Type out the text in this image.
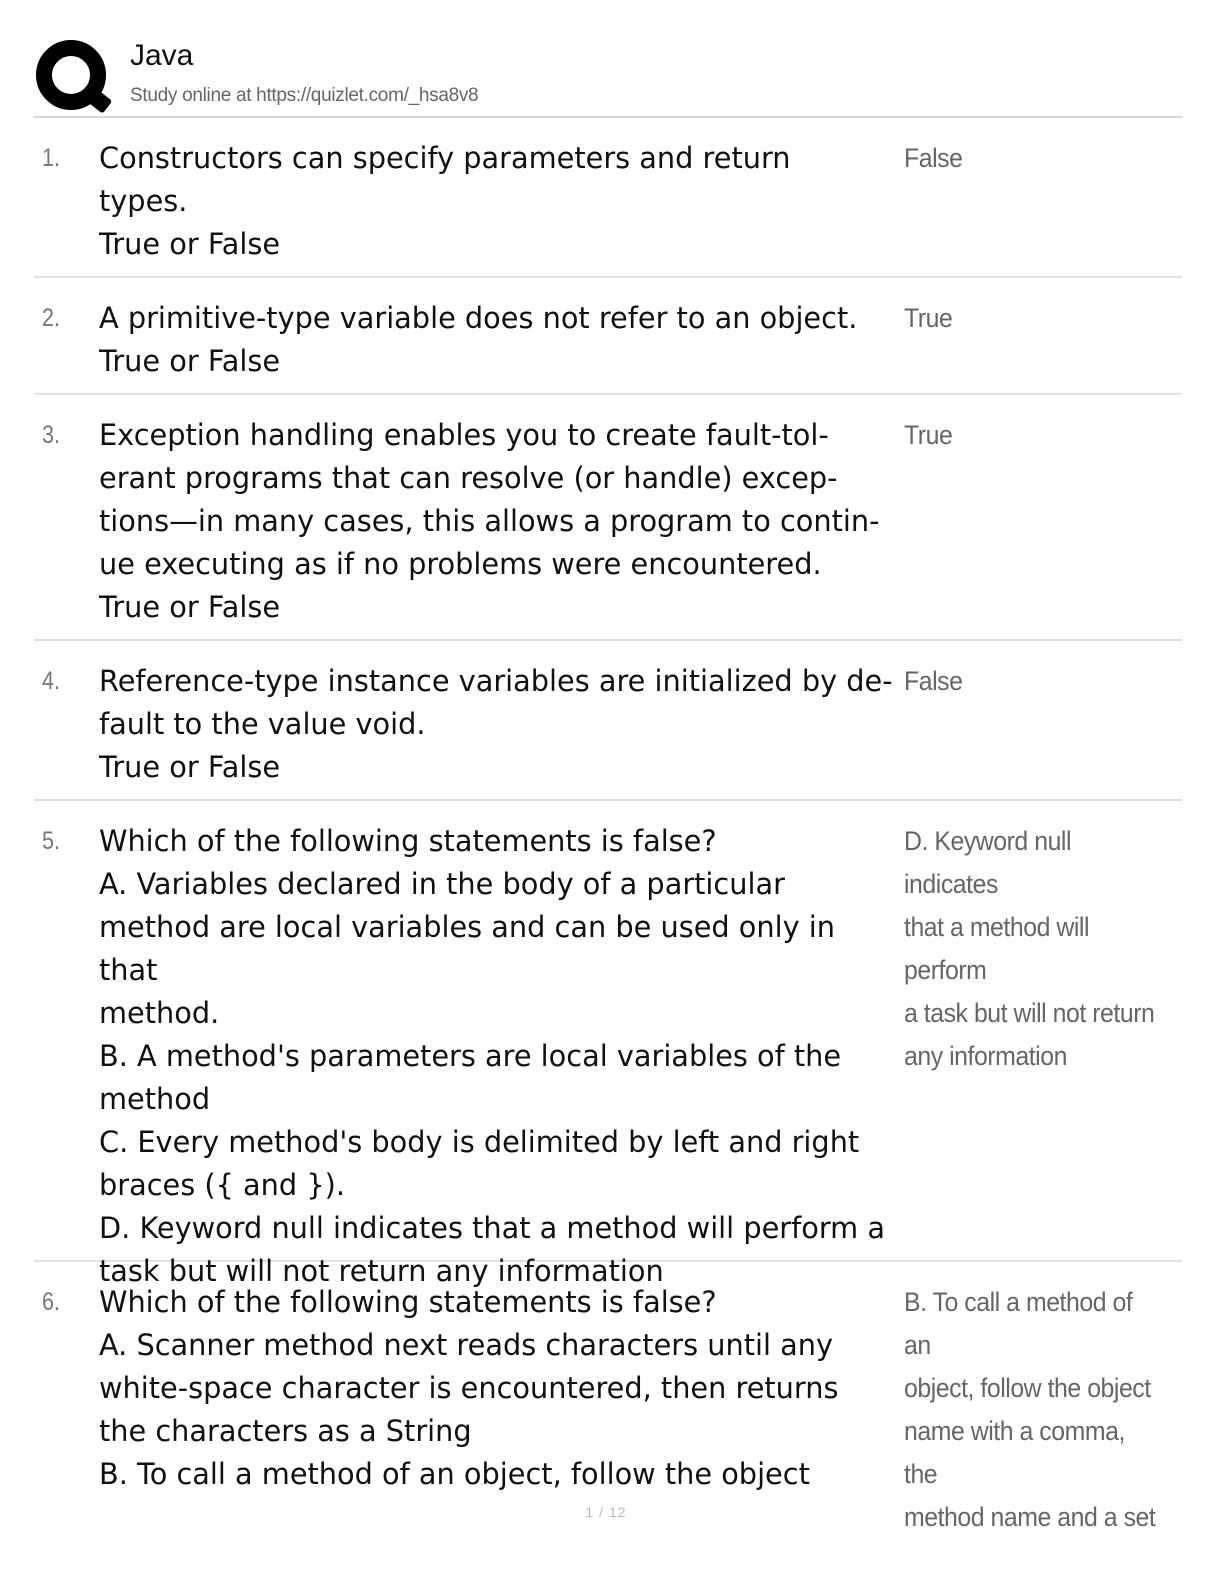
Java
Study online at https://quizlet.com/_hsa8v8
1. Constructors can specify parameters and return
types.
True or False
False
2. A primitive-type variable does not refer to an object.
True or False
True
3. Exception handling enables you to create fault-tol-
erant programs that can resolve (or handle) excep-
tions—in many cases, this allows a program to contin-
ue executing as if no problems were encountered.
True or False
True
4. Reference-type instance variables are initialized by de-
fault to the value void.
True or False
False
5. Which of the following statements is false?
A. Variables declared in the body of a particular
method are local variables and can be used only in that
method.
B. A method's parameters are local variables of the
method
C. Every method's body is delimited by left and right
braces ({ and }).
D. Keyword null indicates that a method will perform a
task but will not return any information
D. Keyword null indicates
that a method will perform
a task but will not return
any information
6. Which of the following statements is false?
A. Scanner method next reads characters until any
white-space character is encountered, then returns
the characters as a String
B. To call a method of an object, follow the object
B. To call a method of an
object, follow the object
name with a comma, the
method name and a set
1 / 12
